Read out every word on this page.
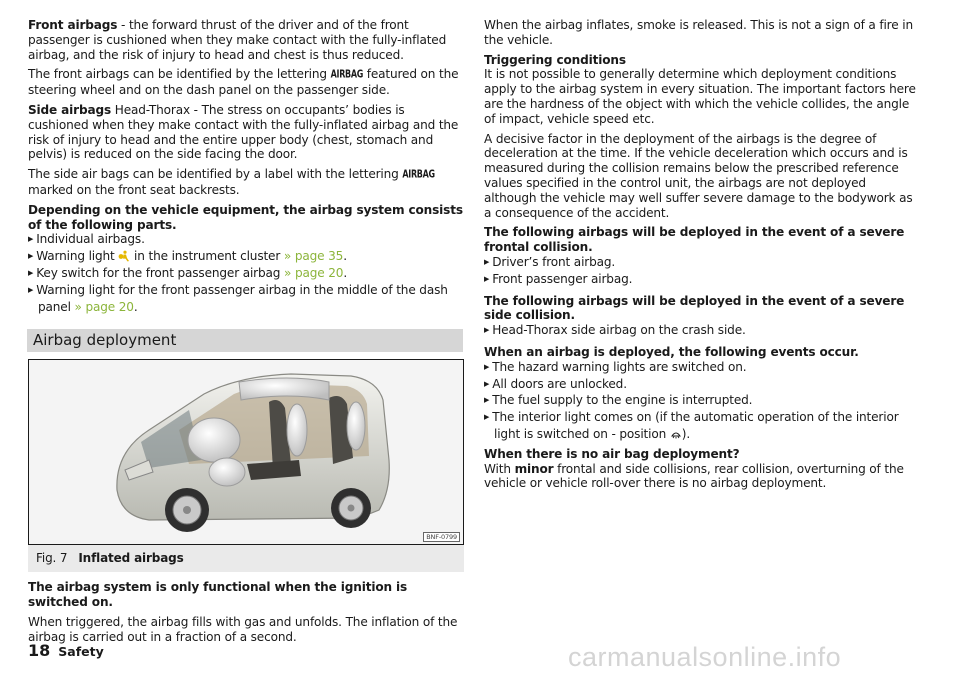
Front airbags - the forward thrust of the driver and of the front passenger is cushioned when they make contact with the fully-inflated airbag, and the risk of injury to head and chest is thus reduced.

The front airbags can be identified by the lettering AIRBAG featured on the steering wheel and on the dash panel on the passenger side.

Side airbags Head-Thorax - The stress on occupants’ bodies is cushioned when they make contact with the fully-inflated airbag and the risk of injury to head and the entire upper body (chest, stomach and pelvis) is reduced on the side facing the door.

The side air bags can be identified by a label with the lettering AIRBAG marked on the front seat backrests.

Depending on the vehicle equipment, the airbag system consists of the following parts.

▶ Individual airbags.
▶ Warning light  in the instrument cluster » page 35.
▶ Key switch for the front passenger airbag » page 20.
▶ Warning light for the front passenger airbag in the middle of the dash panel » page 20.
Airbag deployment
BNF-0799
Fig. 7 Inflated airbags

The airbag system is only functional when the ignition is switched on.

When triggered, the airbag fills with gas and unfolds. The inflation of the airbag is carried out in a fraction of a second.

When the airbag inflates, smoke is released. This is not a sign of a fire in the vehicle.

Triggering conditions
It is not possible to generally determine which deployment conditions apply to the airbag system in every situation. The important factors here are the hardness of the object with which the vehicle collides, the angle of impact, vehicle speed etc.

A decisive factor in the deployment of the airbags is the degree of deceleration at the time. If the vehicle deceleration which occurs and is measured during the collision remains below the prescribed reference values specified in the control unit, the airbags are not deployed although the vehicle may well suffer severe damage to the bodywork as a consequence of the accident.

The following airbags will be deployed in the event of a severe frontal collision.

▶ Driver’s front airbag.
▶ Front passenger airbag.

The following airbags will be deployed in the event of a severe side collision.

▶ Head-Thorax side airbag on the crash side.

When an airbag is deployed, the following events occur.

▶ The hazard warning lights are switched on.
▶ All doors are unlocked.
▶ The fuel supply to the engine is interrupted.
▶ The interior light comes on (if the automatic operation of the interior light is switched on - position ).

When there is no air bag deployment?

With minor frontal and side collisions, rear collision, overturning of the vehicle or vehicle roll-over there is no airbag deployment.

18 Safety	carmanualsonline.info
